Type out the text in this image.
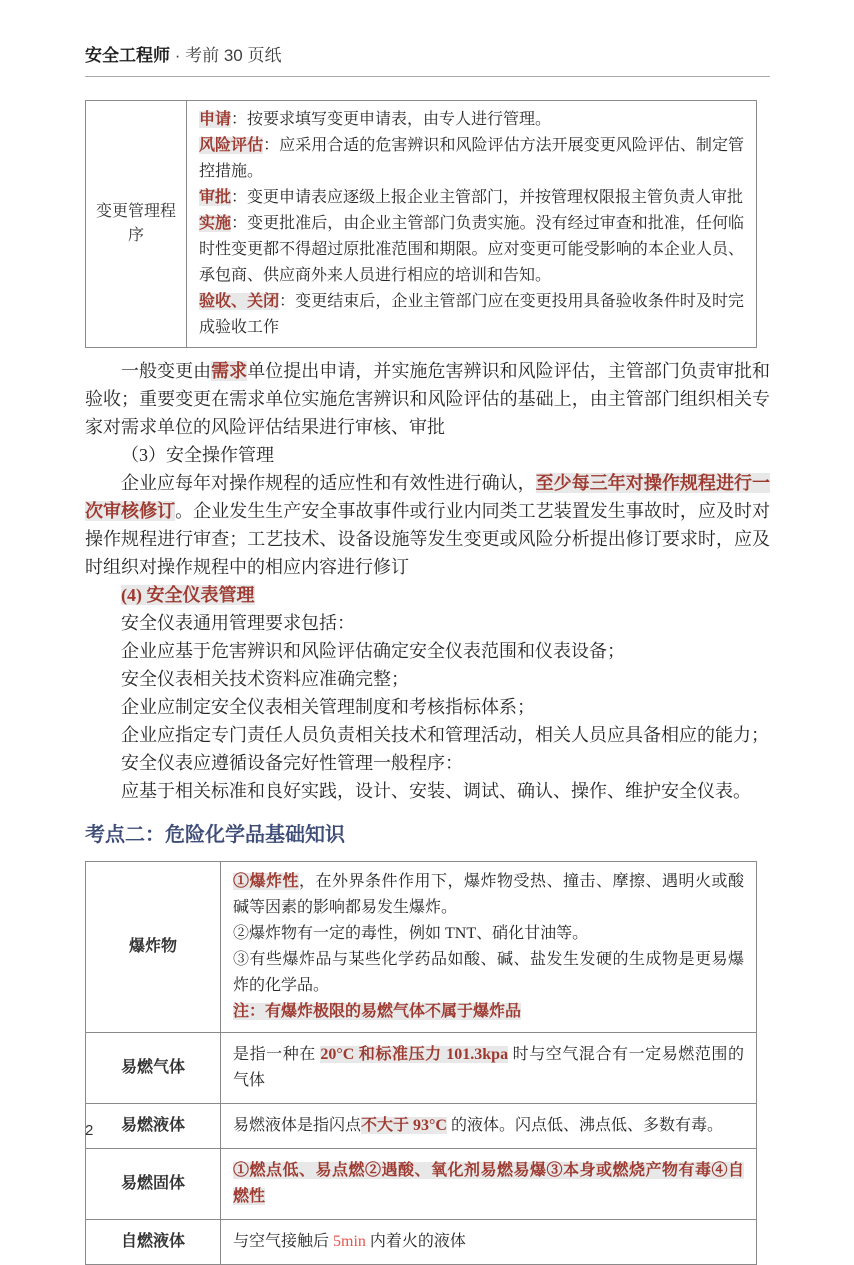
安全工程师 · 考前 30 页纸
变更管理程序	
申请：按要求填写变更申请表，由专人进行管理。
风险评估：应采用合适的危害辨识和风险评估方法开展变更风险评估、制定管控措施。
审批：变更申请表应逐级上报企业主管部门，并按管理权限报主管负责人审批
实施：变更批准后，由企业主管部门负责实施。没有经过审查和批准，任何临时性变更都不得超过原批准范围和期限。应对变更可能受影响的本企业人员、承包商、供应商外来人员进行相应的培训和告知。
验收、关闭：变更结束后，企业主管部门应在变更投用具备验收条件时及时完成验收工作

一般变更由需求单位提出申请，并实施危害辨识和风险评估，主管部门负责审批和验收；重要变更在需求单位实施危害辨识和风险评估的基础上，由主管部门组织相关专家对需求单位的风险评估结果进行审核、审批

（3）安全操作管理

企业应每年对操作规程的适应性和有效性进行确认，至少每三年对操作规程进行一次审核修订。企业发生生产安全事故事件或行业内同类工艺装置发生事故时，应及时对操作规程进行审查；工艺技术、设备设施等发生变更或风险分析提出修订要求时，应及时组织对操作规程中的相应内容进行修订

(4) 安全仪表管理

安全仪表通用管理要求包括：

企业应基于危害辨识和风险评估确定安全仪表范围和仪表设备；

安全仪表相关技术资料应准确完整；

企业应制定安全仪表相关管理制度和考核指标体系；

企业应指定专门责任人员负责相关技术和管理活动，相关人员应具备相应的能力；

安全仪表应遵循设备完好性管理一般程序：

应基于相关标准和良好实践，设计、安装、调试、确认、操作、维护安全仪表。

考点二：危险化学品基础知识
爆炸物	①爆炸性，在外界条件作用下，爆炸物受热、撞击、摩擦、遇明火或酸碱等因素的影响都易发生爆炸。
②爆炸物有一定的毒性，例如 TNT、硝化甘油等。
③有些爆炸品与某些化学药品如酸、碱、盐发生发硬的生成物是更易爆炸的化学品。
注：有爆炸极限的易燃气体不属于爆炸品

易燃气体	是指一种在 20°C 和标准压力 101.3kpa 时与空气混合有一定易燃范围的气体
易燃液体	易燃液体是指闪点不大于 93°C 的液体。闪点低、沸点低、多数有毒。
易燃固体	①燃点低、易点燃②遇酸、氧化剂易燃易爆③本身或燃烧产物有毒④自燃性
自燃液体	与空气接触后 5min 内着火的液体
2
